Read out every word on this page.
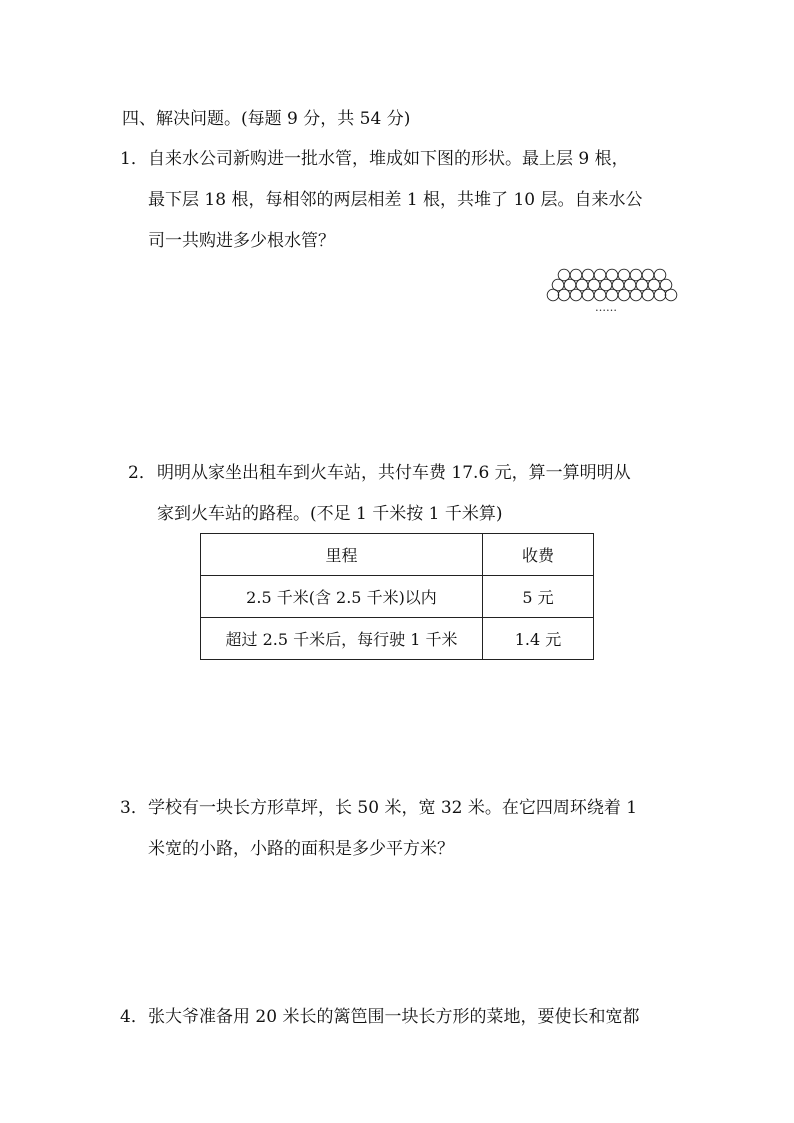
四、解决问题。(每题 9 分，共 54 分)
1． 自来水公司新购进一批水管，堆成如下图的形状。最上层 9 根，
最下层 18 根，每相邻的两层相差 1 根，共堆了 10 层。自来水公
司一共购进多少根水管？
……
2． 明明从家坐出租车到火车站，共付车费 17.6 元，算一算明明从
家到火车站的路程。(不足 1 千米按 1 千米算)
里程	收费
2.5 千米(含 2.5 千米)以内	5 元
超过 2.5 千米后，每行驶 1 千米	1.4 元
3． 学校有一块长方形草坪，长 50 米，宽 32 米。在它四周环绕着 1
米宽的小路，小路的面积是多少平方米？
4． 张大爷准备用 20 米长的篱笆围一块长方形的菜地，要使长和宽都
